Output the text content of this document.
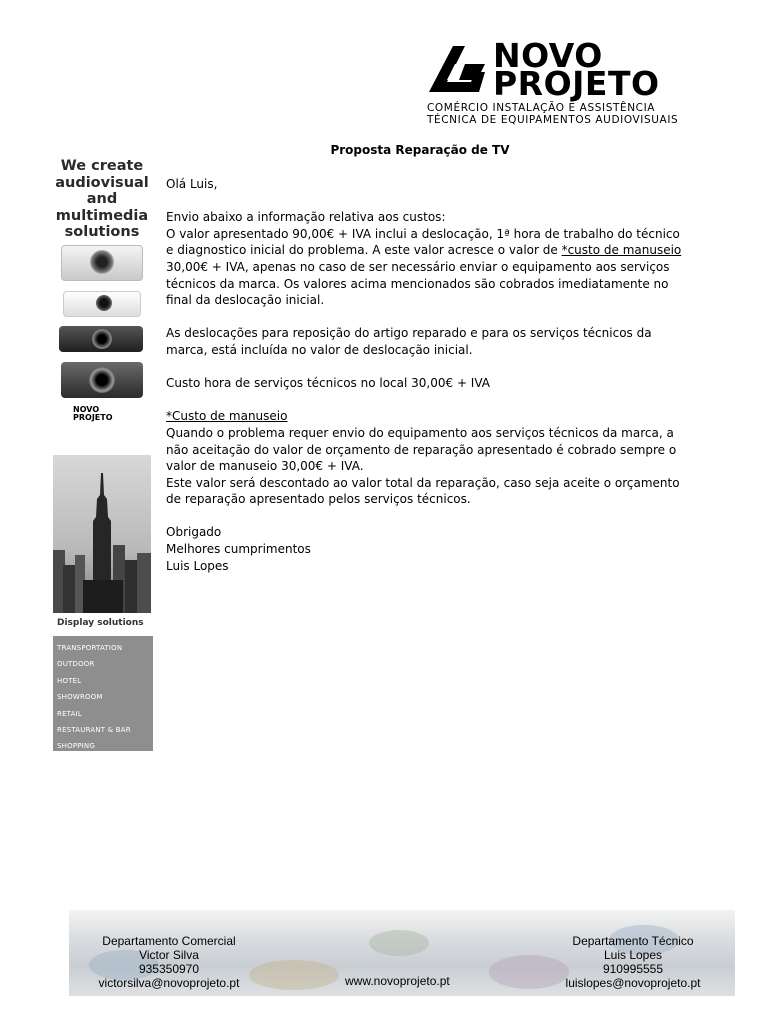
NOVO
PROJETO
COMÉRCIO INSTALAÇÃO E ASSISTÊNCIA
TÉCNICA DE EQUIPAMENTOS AUDIOVISUAIS
Proposta Reparação de TV

Olá Luis,

Envio abaixo a informação relativa aos custos:

O valor apresentado 90,00€ + IVA inclui a deslocação, 1ª hora de trabalho do técnico e diagnostico inicial do problema. A este valor acresce o valor de *custo de manuseio 30,00€ + IVA, apenas no caso de ser necessário enviar o equipamento aos serviços técnicos da marca. Os valores acima mencionados são cobrados imediatamente no final da deslocação inicial.

As deslocações para reposição do artigo reparado e para os serviços técnicos da marca, está incluída no valor de deslocação inicial.

Custo hora de serviços técnicos no local 30,00€ + IVA

*Custo de manuseio

Quando o problema requer envio do equipamento aos serviços técnicos da marca, a não aceitação do valor de orçamento de reparação apresentado é cobrado sempre o valor de manuseio 30,00€ + IVA.

Este valor será descontado ao valor total da reparação, caso seja aceite o orçamento de reparação apresentado pelos serviços técnicos.

Obrigado

Melhores cumprimentos

Luis Lopes

We create
audiovisual
and
multimedia
solutions
NOVO
PROJETO
Display solutions
TRANSPORTATION
OUTDOOR
HOTEL
SHOWROOM
RETAIL
RESTAURANT & BAR
SHOPPING
Departamento Comercial
Victor Silva
935350970
victorsilva@novoprojeto.pt	www.novoprojeto.pt
Departamento Técnico
Luis Lopes
910995555
luislopes@novoprojeto.pt
